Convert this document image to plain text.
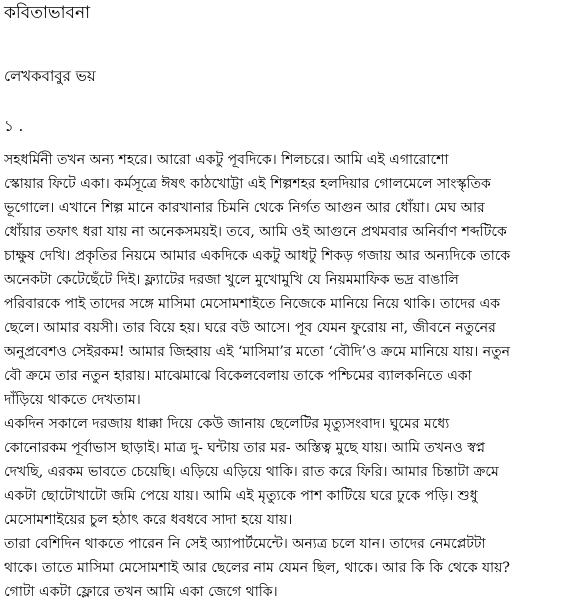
কবিতাভাবনা

লেখকবাবুর ভয়

১ .

সহধর্মিনী তখন অন্য শহরে। আরো একটু পূবদিকে। শিলচরে। আমি এই এগারোশো
স্কোয়ার ফিটে একা। কর্মসূত্রে ঈষৎ কাঠখোট্টা এই শিল্পশহর হলদিয়ার গোলমেলে সাংস্কৃতিক
ভূগোলে। এখানে শিল্প মানে কারখানার চিমনি থেকে নির্গত আগুন আর ধোঁয়া। মেঘ আর
ধোঁয়ার তফাৎ ধরা যায় না অনেকসময়ই। তবে, আমি ওই আগুনে প্রথমবার অনির্বাণ শব্দটিকে
চাক্ষুষ দেখি। প্রকৃতির নিয়মে আমার একদিকে একটু আধটু শিকড় গজায় আর অন্যদিকে তাকে
অনেকটা কেটেছেঁটে দিই। ফ্ল্যাটের দরজা খুলে মুখোমুখি যে নিয়মমাফিক ভদ্র বাঙালি
পরিবারকে পাই তাদের সঙ্গে মাসিমা মেসোমশাইতে নিজেকে মানিয়ে নিয়ে থাকি। তাদের এক
ছেলে। আমার বয়সী। তার বিয়ে হয়। ঘরে বউ আসে। পূব যেমন ফুরোয় না, জীবনে নতুনের
অনুপ্রবেশও সেইরকম! আমার জিহ্বায় এই ‘মাসিমা’র মতো ‘বৌদি’ও ক্রমে মানিয়ে যায়। নতুন
বৌ ক্রমে তার নতুন হারায়। মাঝেমাঝে বিকেলবেলায় তাকে পশ্চিমের ব্যালকনিতে একা
দাঁড়িয়ে থাকতে দেখতাম।
একদিন সকালে দরজায় ধাক্কা দিয়ে কেউ জানায় ছেলেটির মৃত্যুসংবাদ। ঘুমের মধ্যে
কোনোরকম পূর্বাভাস ছাড়াই। মাত্র দু- ঘন্টায় তার মর- অস্তিত্ব মুছে যায়। আমি তখনও স্বপ্ন
দেখছি, এরকম ভাবতে চেয়েছি। এড়িয়ে এড়িয়ে থাকি। রাত করে ফিরি। আমার চিন্তাটা ক্রমে
একটা ছোটোখাটো জমি পেয়ে যায়। আমি এই মৃত্যুকে পাশ কাটিয়ে ঘরে ঢুকে পড়ি। শুধু
মেসোমশাইয়ের চুল হঠাৎ করে ধবধবে সাদা হয়ে যায়।
তারা বেশিদিন থাকতে পারেন নি সেই অ্যাপার্টমেন্টে। অন্যত্র চলে যান। তাদের নেমপ্লেটটা
থাকে। তাতে মাসিমা মেসোমশাই আর ছেলের নাম যেমন ছিল, থাকে। আর কি কি থেকে যায়?
গোটা একটা ফ্লোরে তখন আমি একা জেগে থাকি।
